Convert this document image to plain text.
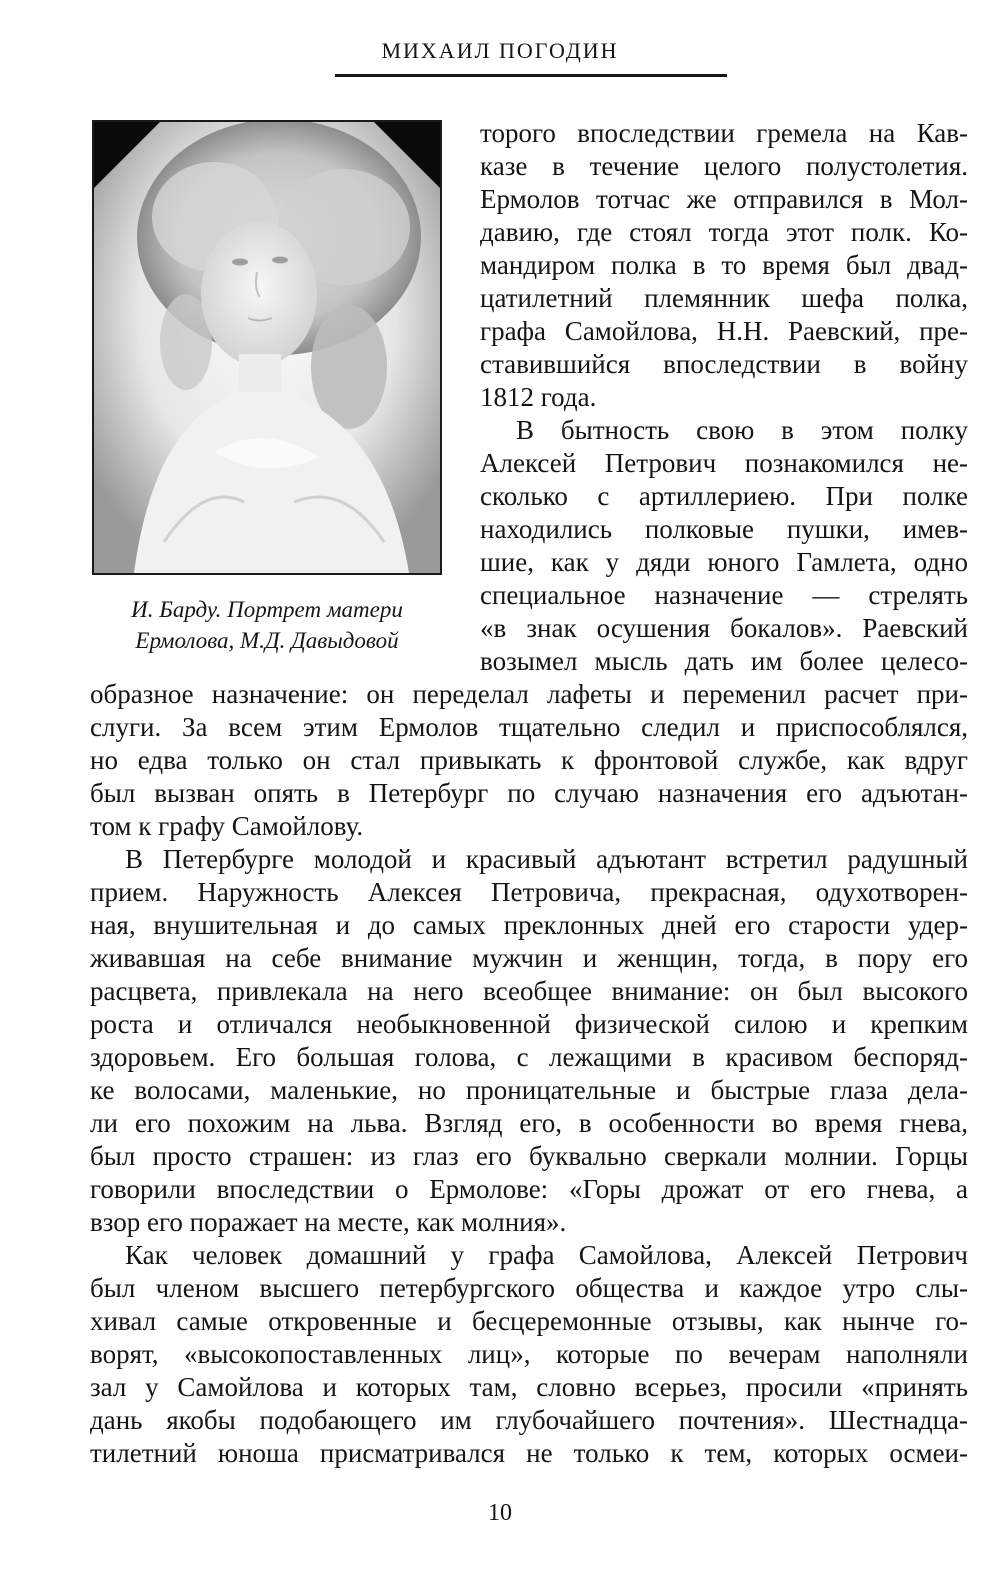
МИХАИЛ ПОГОДИН
И. Барду. Портрет матери
Ермолова, М.Д. Давыдовой
торого впоследствии гремела на Кав-
казе в течение целого полустолетия.
Ермолов тотчас же отправился в Мол-
давию, где стоял тогда этот полк. Ко-
мандиром полка в то время был двад-
цатилетний племянник шефа полка,
графа Самойлова, Н.Н. Раевский, пре-
ставившийся впоследствии в войну
1812 года.
В бытность свою в этом полку
Алексей Петрович познакомился не-
сколько с артиллериею. При полке
находились полковые пушки, имев-
шие, как у дяди юного Гамлета, одно
специальное назначение — стрелять
«в знак осушения бокалов». Раевский
возымел мысль дать им более целесо-
образное назначение: он переделал лафеты и переменил расчет при-
слуги. За всем этим Ермолов тщательно следил и приспособлялся,
но едва только он стал привыкать к фронтовой службе, как вдруг
был вызван опять в Петербург по случаю назначения его адъютан-
том к графу Самойлову.
В Петербурге молодой и красивый адъютант встретил радушный
прием. Наружность Алексея Петровича, прекрасная, одухотворен-
ная, внушительная и до самых преклонных дней его старости удер-
живавшая на себе внимание мужчин и женщин, тогда, в пору его
расцвета, привлекала на него всеобщее внимание: он был высокого
роста и отличался необыкновенной физической силою и крепким
здоровьем. Его большая голова, с лежащими в красивом беспоряд-
ке волосами, маленькие, но проницательные и быстрые глаза дела-
ли его похожим на льва. Взгляд его, в особенности во время гнева,
был просто страшен: из глаз его буквально сверкали молнии. Горцы
говорили впоследствии о Ермолове: «Горы дрожат от его гнева, а
взор его поражает на месте, как молния».
Как человек домашний у графа Самойлова, Алексей Петрович
был членом высшего петербургского общества и каждое утро слы-
хивал самые откровенные и бесцеремонные отзывы, как нынче го-
ворят, «высокопоставленных лиц», которые по вечерам наполняли
зал у Самойлова и которых там, словно всерьез, просили «принять
дань якобы подобающего им глубочайшего почтения». Шестнадца-
тилетний юноша присматривался не только к тем, которых осмеи-
10
